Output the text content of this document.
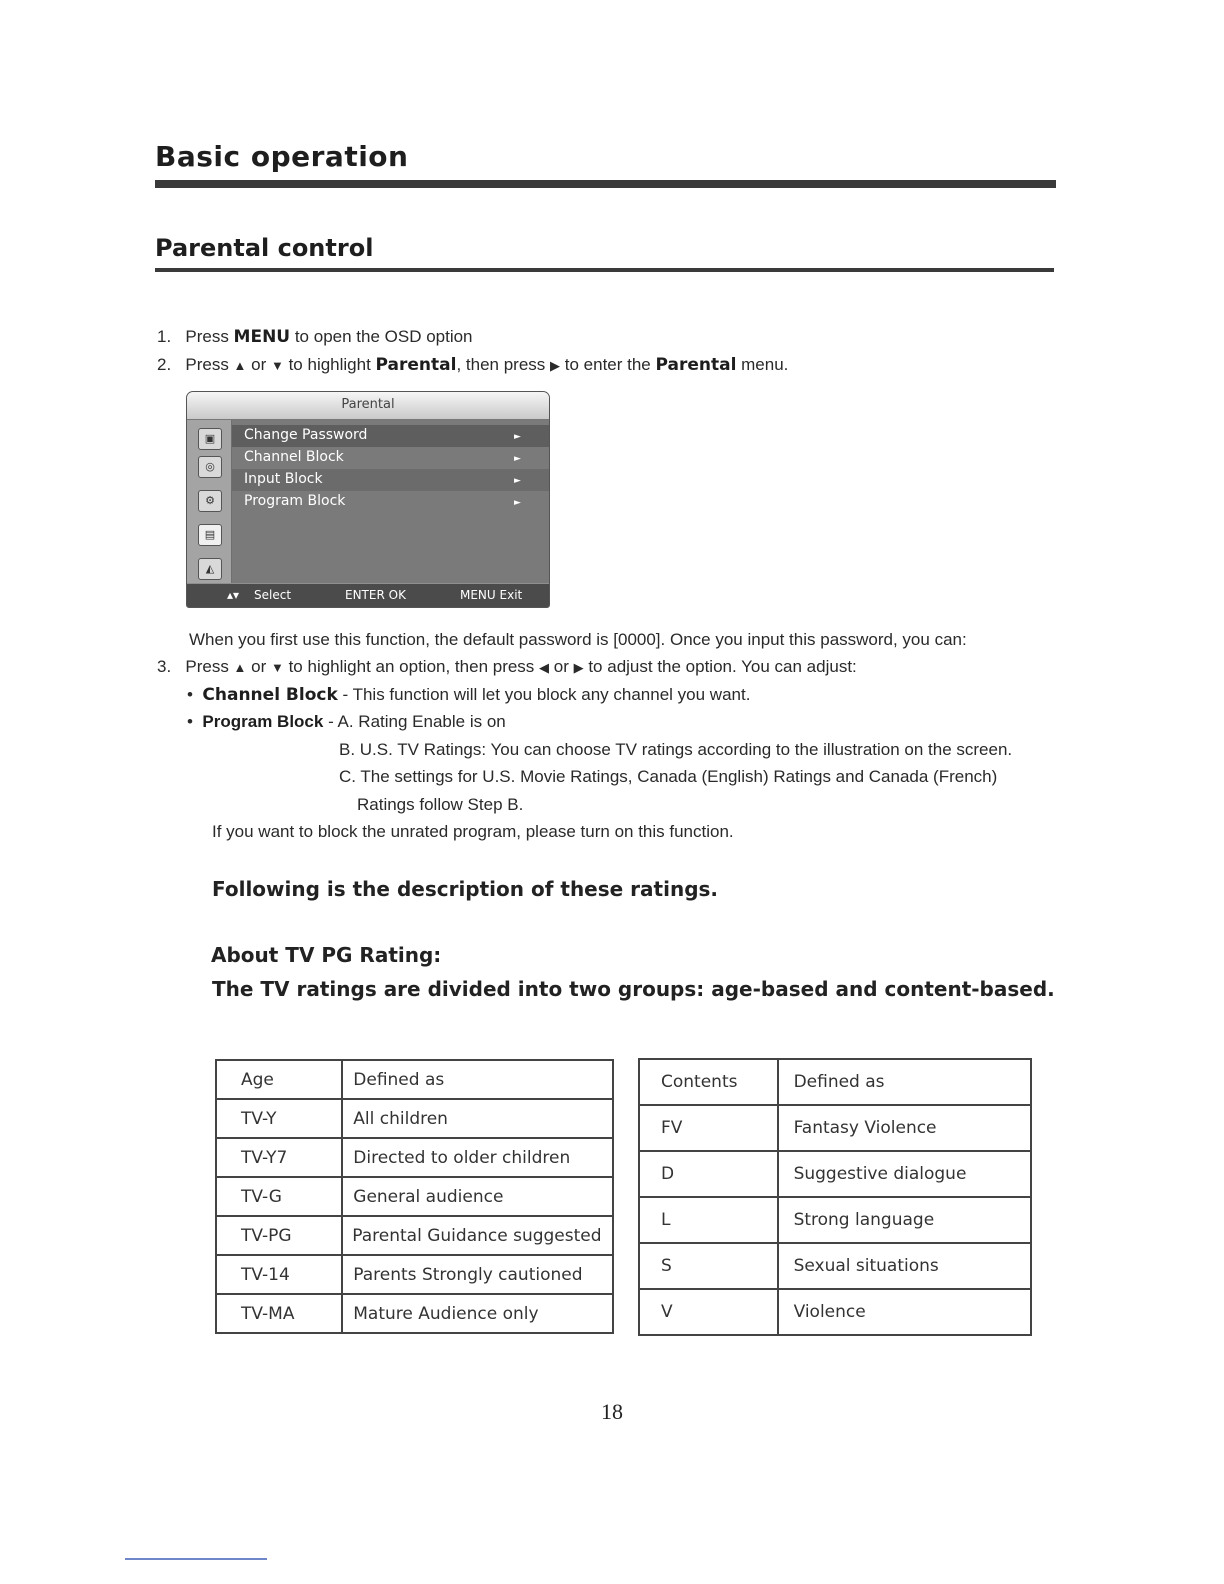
Basic operation
Parental control
1. Press MENU to open the OSD option
2. Press ▲ or ▼ to highlight Parental, then press ▶ to enter the Parental menu.
Parental
▣
◎
⚙
▤
◭
Change Password	►
Channel Block	►
Input Block	►
Program Block	►
▴▾ Select	ENTER OK	MENU Exit
When you first use this function, the default password is [0000]. Once you input this password, you can:
3. Press ▲ or ▼ to highlight an option, then press ◀ or ▶ to adjust the option. You can adjust:
• Channel Block - This function will let you block any channel you want.
• Program Block - A. Rating Enable is on
B. U.S. TV Ratings: You can choose TV ratings according to the illustration on the screen.
C. The settings for U.S. Movie Ratings, Canada (English) Ratings and Canada (French)
Ratings follow Step B.
If you want to block the unrated program, please turn on this function.
Following is the description of these ratings.
About TV PG Rating:
The TV ratings are divided into two groups: age-based and content-based.
Age	Defined as
TV-Y	All children
TV-Y7	Directed to older children
TV-G	General audience
TV-PG	Parental Guidance suggested
TV-14	Parents Strongly cautioned
TV-MA	Mature Audience only
Contents	Defined as
FV	Fantasy Violence
D	Suggestive dialogue
L	Strong language
S	Sexual situations
V	Violence
18
